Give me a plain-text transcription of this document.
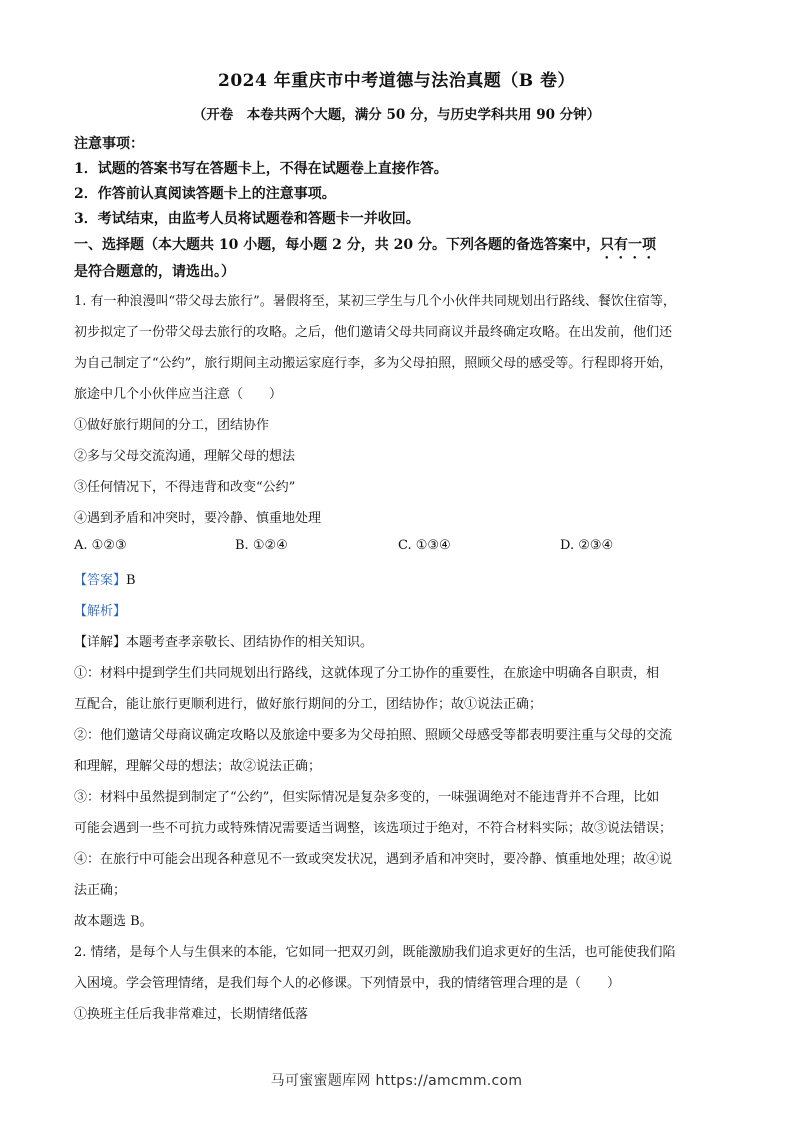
2024 年重庆市中考道德与法治真题（B 卷）
（开卷　本卷共两个大题，满分 50 分，与历史学科共用 90 分钟）
注意事项：
1．试题的答案书写在答题卡上，不得在试题卷上直接作答。
2．作答前认真阅读答题卡上的注意事项。
3．考试结束，由监考人员将试题卷和答题卡一并收回。
一、选择题（本大题共 10 小题，每小题 2 分，共 20 分。下列各题的备选答案中，只有一项
是符合题意的，请选出。）
1. 有一种浪漫叫“带父母去旅行”。暑假将至，某初三学生与几个小伙伴共同规划出行路线、餐饮住宿等，
初步拟定了一份带父母去旅行的攻略。之后，他们邀请父母共同商议并最终确定攻略。在出发前，他们还
为自己制定了“公约”，旅行期间主动搬运家庭行李，多为父母拍照，照顾父母的感受等。行程即将开始，
旅途中几个小伙伴应当注意（　　）
①做好旅行期间的分工，团结协作
②多与父母交流沟通，理解父母的想法
③任何情况下，不得违背和改变“公约”
④遇到矛盾和冲突时，要冷静、慎重地处理
A. ①②③	B. ①②④	C. ①③④	D. ②③④
【答案】B
【解析】
【详解】本题考查孝亲敬长、团结协作的相关知识。
①：材料中提到学生们共同规划出行路线，这就体现了分工协作的重要性，在旅途中明确各自职责，相
互配合，能让旅行更顺利进行，做好旅行期间的分工，团结协作；故①说法正确；
②：他们邀请父母商议确定攻略以及旅途中要多为父母拍照、照顾父母感受等都表明要注重与父母的交流
和理解，理解父母的想法；故②说法正确；
③：材料中虽然提到制定了“公约”，但实际情况是复杂多变的，一味强调绝对不能违背并不合理，比如
可能会遇到一些不可抗力或特殊情况需要适当调整，该选项过于绝对，不符合材料实际；故③说法错误；
④：在旅行中可能会出现各种意见不一致或突发状况，遇到矛盾和冲突时，要冷静、慎重地处理；故④说
法正确；
故本题选 B。
2. 情绪，是每个人与生俱来的本能，它如同一把双刃剑，既能激励我们追求更好的生活，也可能使我们陷
入困境。学会管理情绪，是我们每个人的必修课。下列情景中，我的情绪管理合理的是（　　）
①换班主任后我非常难过，长期情绪低落
马可蜜蜜题库网 https://amcmm.com
